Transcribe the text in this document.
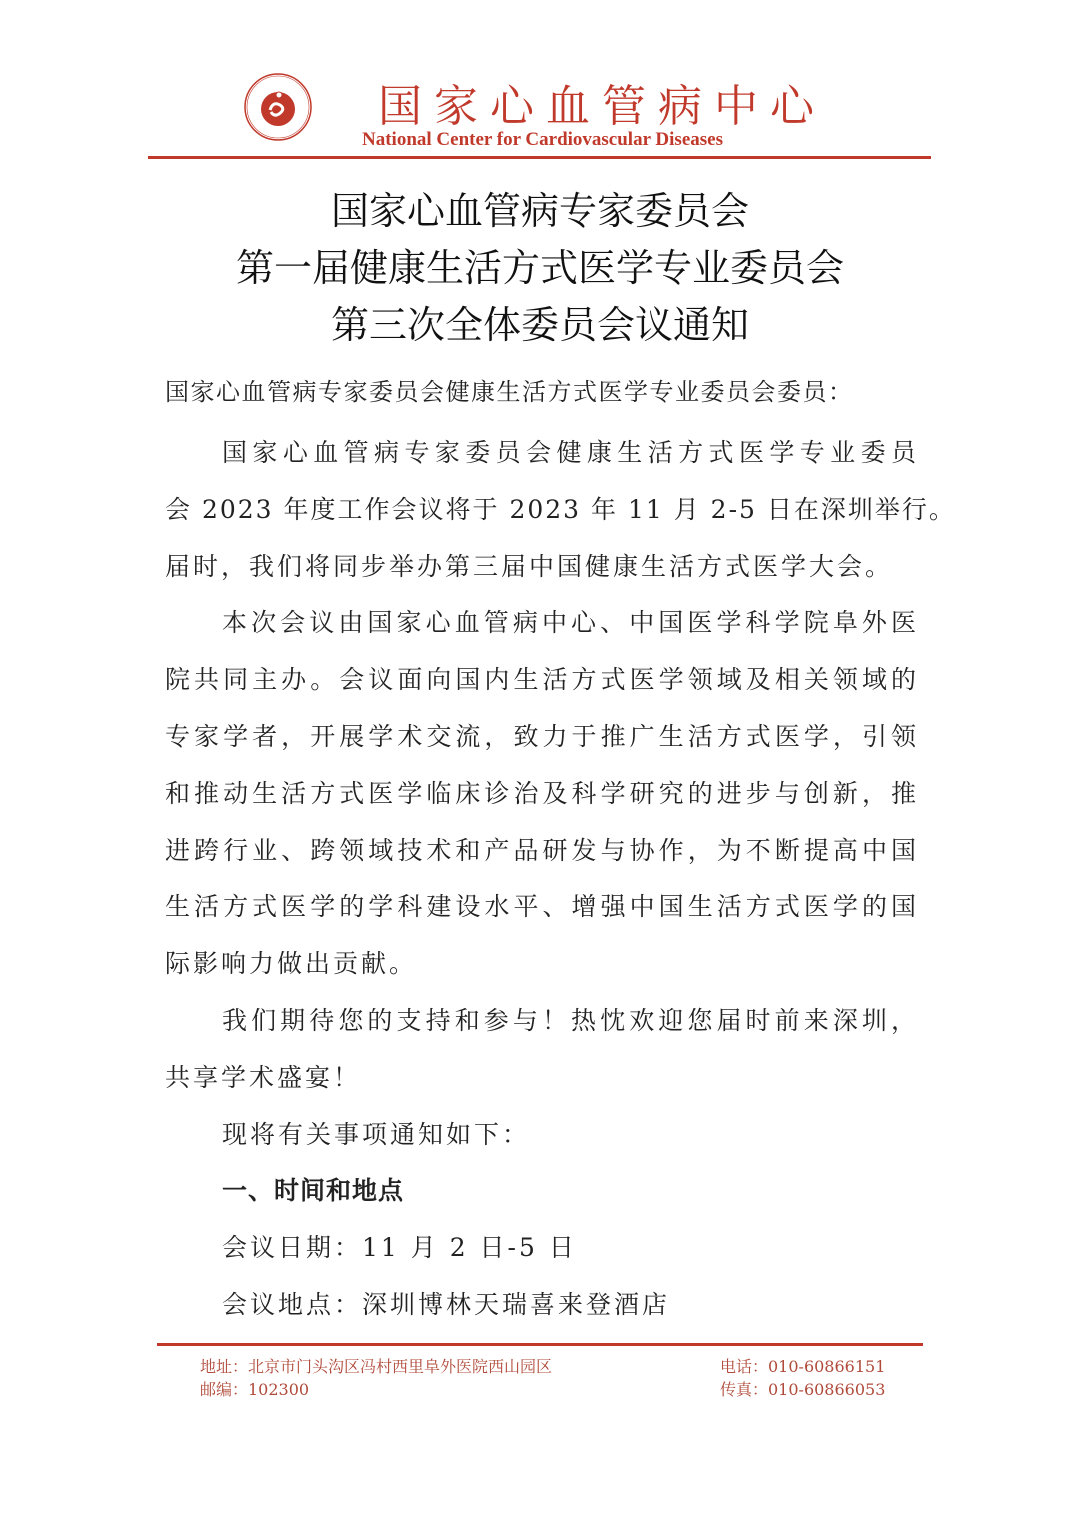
国家心血管病中心
National Center for Cardiovascular Diseases
国家心血管病专家委员会
第一届健康生活方式医学专业委员会
第三次全体委员会议通知
国家心血管病专家委员会健康生活方式医学专业委员会委员：
国家心血管病专家委员会健康生活方式医学专业委员
会 2023 年度工作会议将于 2023 年 11 月 2-5 日在深圳举行。
届时，我们将同步举办第三届中国健康生活方式医学大会。
本次会议由国家心血管病中心、中国医学科学院阜外医
院共同主办。会议面向国内生活方式医学领域及相关领域的
专家学者，开展学术交流，致力于推广生活方式医学，引领
和推动生活方式医学临床诊治及科学研究的进步与创新，推
进跨行业、跨领域技术和产品研发与协作，为不断提高中国
生活方式医学的学科建设水平、增强中国生活方式医学的国
际影响力做出贡献。
我们期待您的支持和参与！热忱欢迎您届时前来深圳，
共享学术盛宴！
现将有关事项通知如下：
一、时间和地点
会议日期：11 月 2 日-5 日
会议地点：深圳博林天瑞喜来登酒店
地址：北京市门头沟区冯村西里阜外医院西山园区
邮编：102300
电话：010-60866151
传真：010-60866053
